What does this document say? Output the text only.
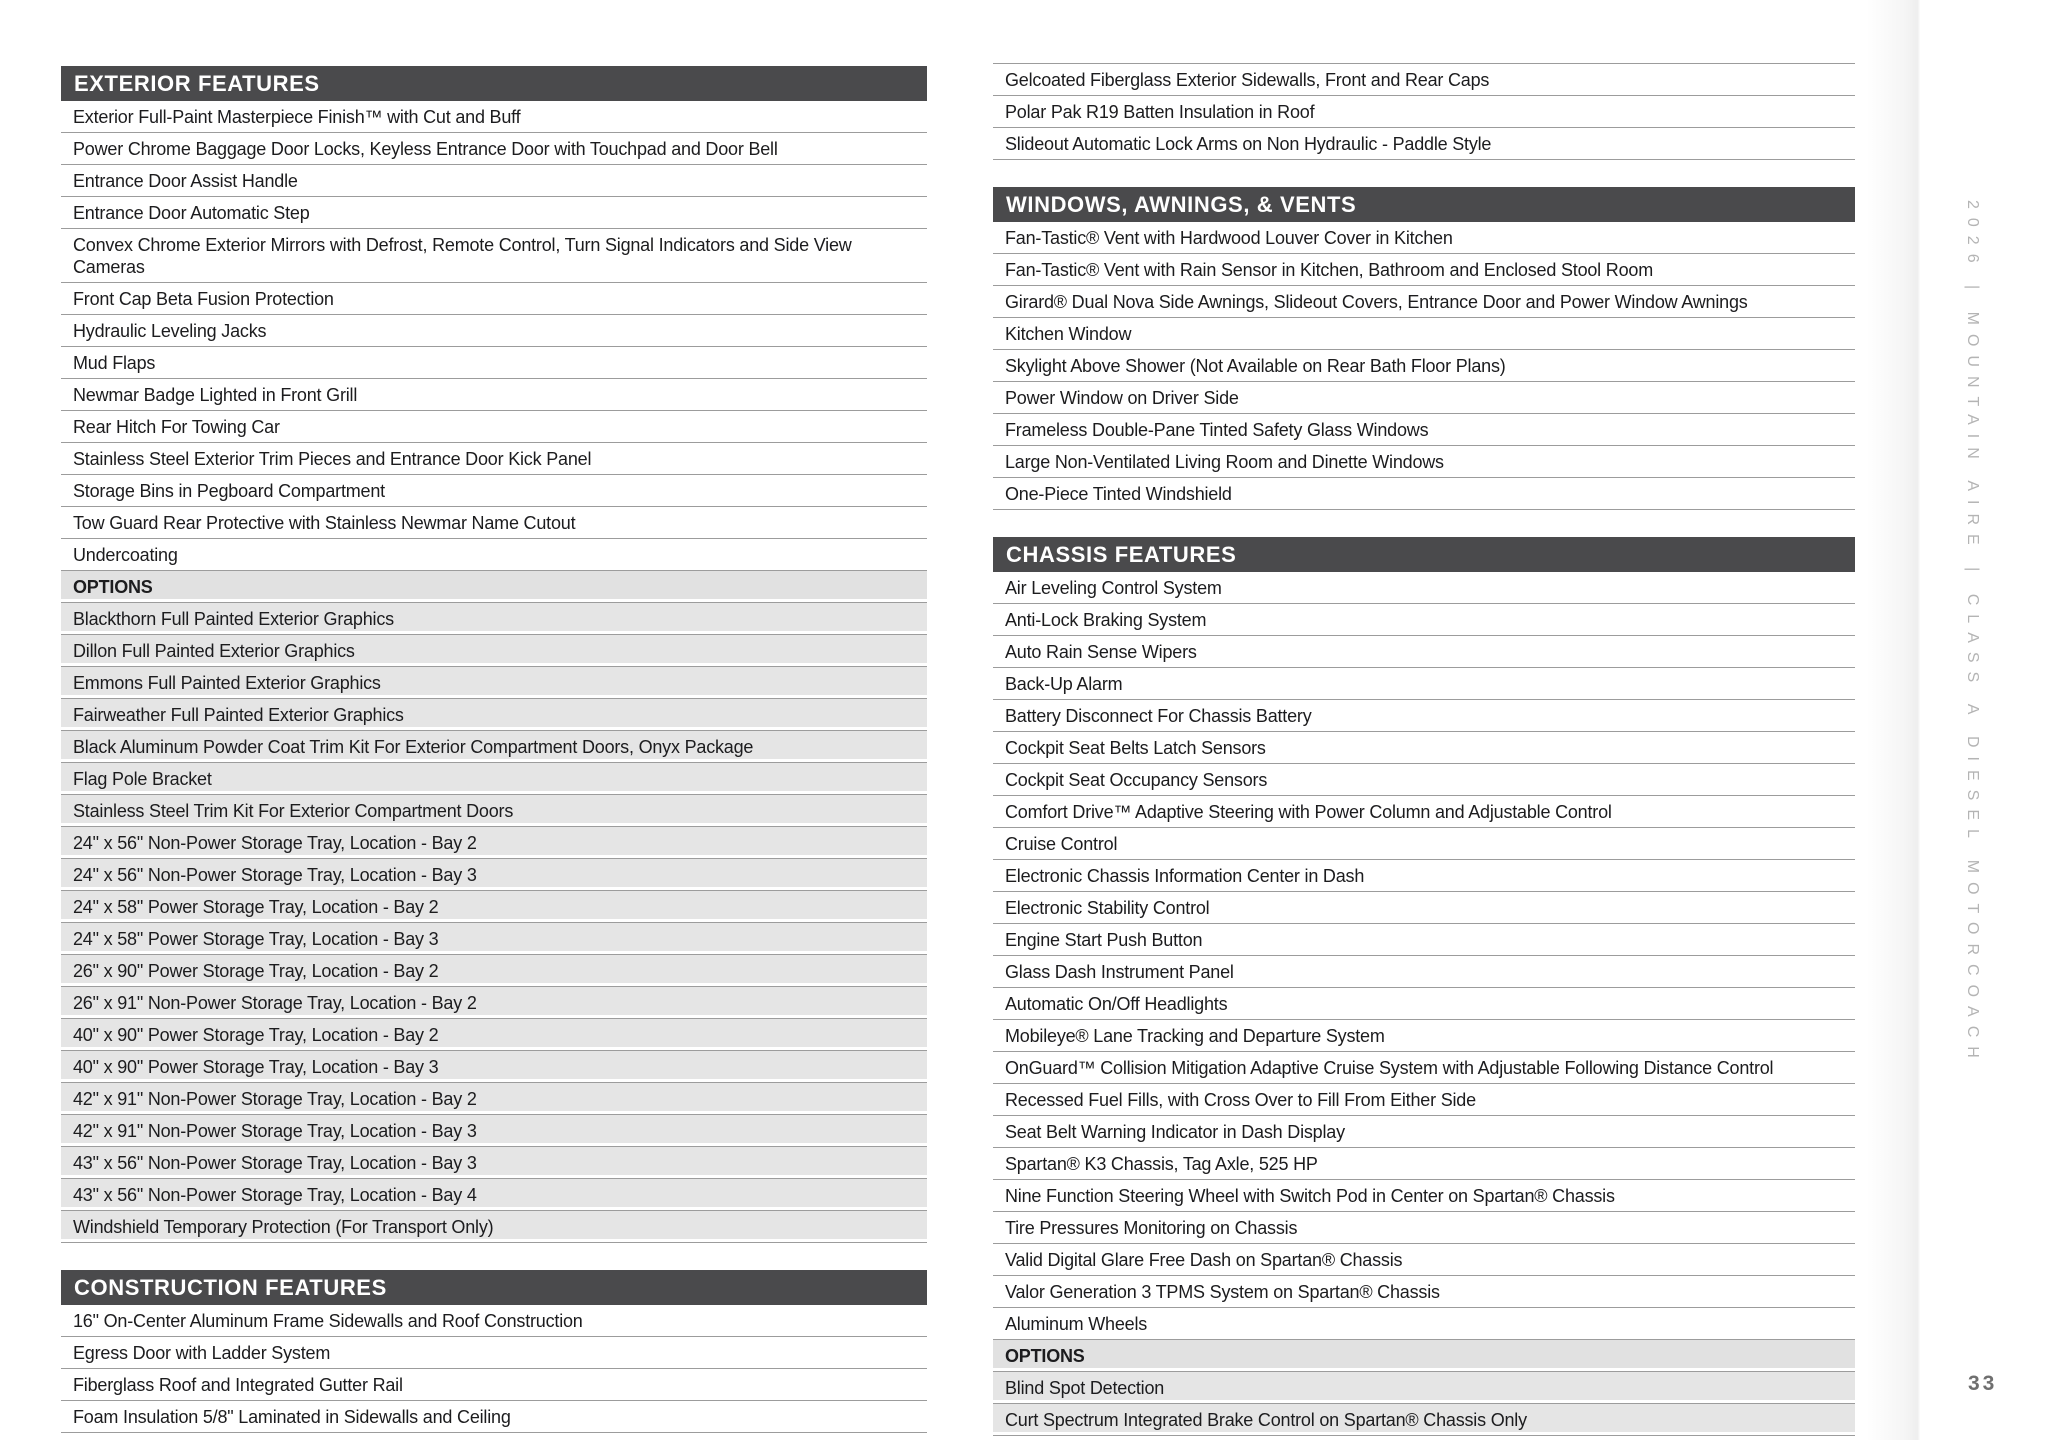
EXTERIOR FEATURES
Exterior Full-Paint Masterpiece Finish™ with Cut and Buff
Power Chrome Baggage Door Locks, Keyless Entrance Door with Touchpad and Door Bell
Entrance Door Assist Handle
Entrance Door Automatic Step
Convex Chrome Exterior Mirrors with Defrost, Remote Control, Turn Signal Indicators and Side View Cameras
Front Cap Beta Fusion Protection
Hydraulic Leveling Jacks
Mud Flaps
Newmar Badge Lighted in Front Grill
Rear Hitch For Towing Car
Stainless Steel Exterior Trim Pieces and Entrance Door Kick Panel
Storage Bins in Pegboard Compartment
Tow Guard Rear Protective with Stainless Newmar Name Cutout
Undercoating
OPTIONS
Blackthorn Full Painted Exterior Graphics
Dillon Full Painted Exterior Graphics
Emmons Full Painted Exterior Graphics
Fairweather Full Painted Exterior Graphics
Black Aluminum Powder Coat Trim Kit For Exterior Compartment Doors, Onyx Package
Flag Pole Bracket
Stainless Steel Trim Kit For Exterior Compartment Doors
24" x 56" Non-Power Storage Tray, Location - Bay 2
24" x 56" Non-Power Storage Tray, Location - Bay 3
24" x 58" Power Storage Tray, Location - Bay 2
24" x 58" Power Storage Tray, Location - Bay 3
26" x 90" Power Storage Tray, Location - Bay 2
26" x 91" Non-Power Storage Tray, Location - Bay 2
40" x 90" Power Storage Tray, Location - Bay 2
40" x 90" Power Storage Tray, Location - Bay 3
42" x 91" Non-Power Storage Tray, Location - Bay 2
42" x 91" Non-Power Storage Tray, Location - Bay 3
43" x 56" Non-Power Storage Tray, Location - Bay 3
43" x 56" Non-Power Storage Tray, Location - Bay 4
Windshield Temporary Protection (For Transport Only)
CONSTRUCTION FEATURES
16" On-Center Aluminum Frame Sidewalls and Roof Construction
Egress Door with Ladder System
Fiberglass Roof and Integrated Gutter Rail
Foam Insulation 5/8" Laminated in Sidewalls and Ceiling
Gelcoated Fiberglass Exterior Sidewalls, Front and Rear Caps
Polar Pak R19 Batten Insulation in Roof
Slideout Automatic Lock Arms on Non Hydraulic - Paddle Style
WINDOWS, AWNINGS, & VENTS
Fan-Tastic® Vent with Hardwood Louver Cover in Kitchen
Fan-Tastic® Vent with Rain Sensor in Kitchen, Bathroom and Enclosed Stool Room
Girard® Dual Nova Side Awnings, Slideout Covers, Entrance Door and Power Window Awnings
Kitchen Window
Skylight Above Shower (Not Available on Rear Bath Floor Plans)
Power Window on Driver Side
Frameless Double-Pane Tinted Safety Glass Windows
Large Non-Ventilated Living Room and Dinette Windows
One-Piece Tinted Windshield
CHASSIS FEATURES
Air Leveling Control System
Anti-Lock Braking System
Auto Rain Sense Wipers
Back-Up Alarm
Battery Disconnect For Chassis Battery
Cockpit Seat Belts Latch Sensors
Cockpit Seat Occupancy Sensors
Comfort Drive™ Adaptive Steering with Power Column and Adjustable Control
Cruise Control
Electronic Chassis Information Center in Dash
Electronic Stability Control
Engine Start Push Button
Glass Dash Instrument Panel
Automatic On/Off Headlights
Mobileye® Lane Tracking and Departure System
OnGuard™ Collision Mitigation Adaptive Cruise System with Adjustable Following Distance Control
Recessed Fuel Fills, with Cross Over to Fill From Either Side
Seat Belt Warning Indicator in Dash Display
Spartan® K3 Chassis, Tag Axle, 525 HP
Nine Function Steering Wheel with Switch Pod in Center on Spartan® Chassis
Tire Pressures Monitoring on Chassis
Valid Digital Glare Free Dash on Spartan® Chassis
Valor Generation 3 TPMS System on Spartan® Chassis
Aluminum Wheels
OPTIONS
Blind Spot Detection
Curt Spectrum Integrated Brake Control on Spartan® Chassis Only
2026 | MOUNTAIN AIRE | CLASS A DIESEL MOTORCOACH
33
